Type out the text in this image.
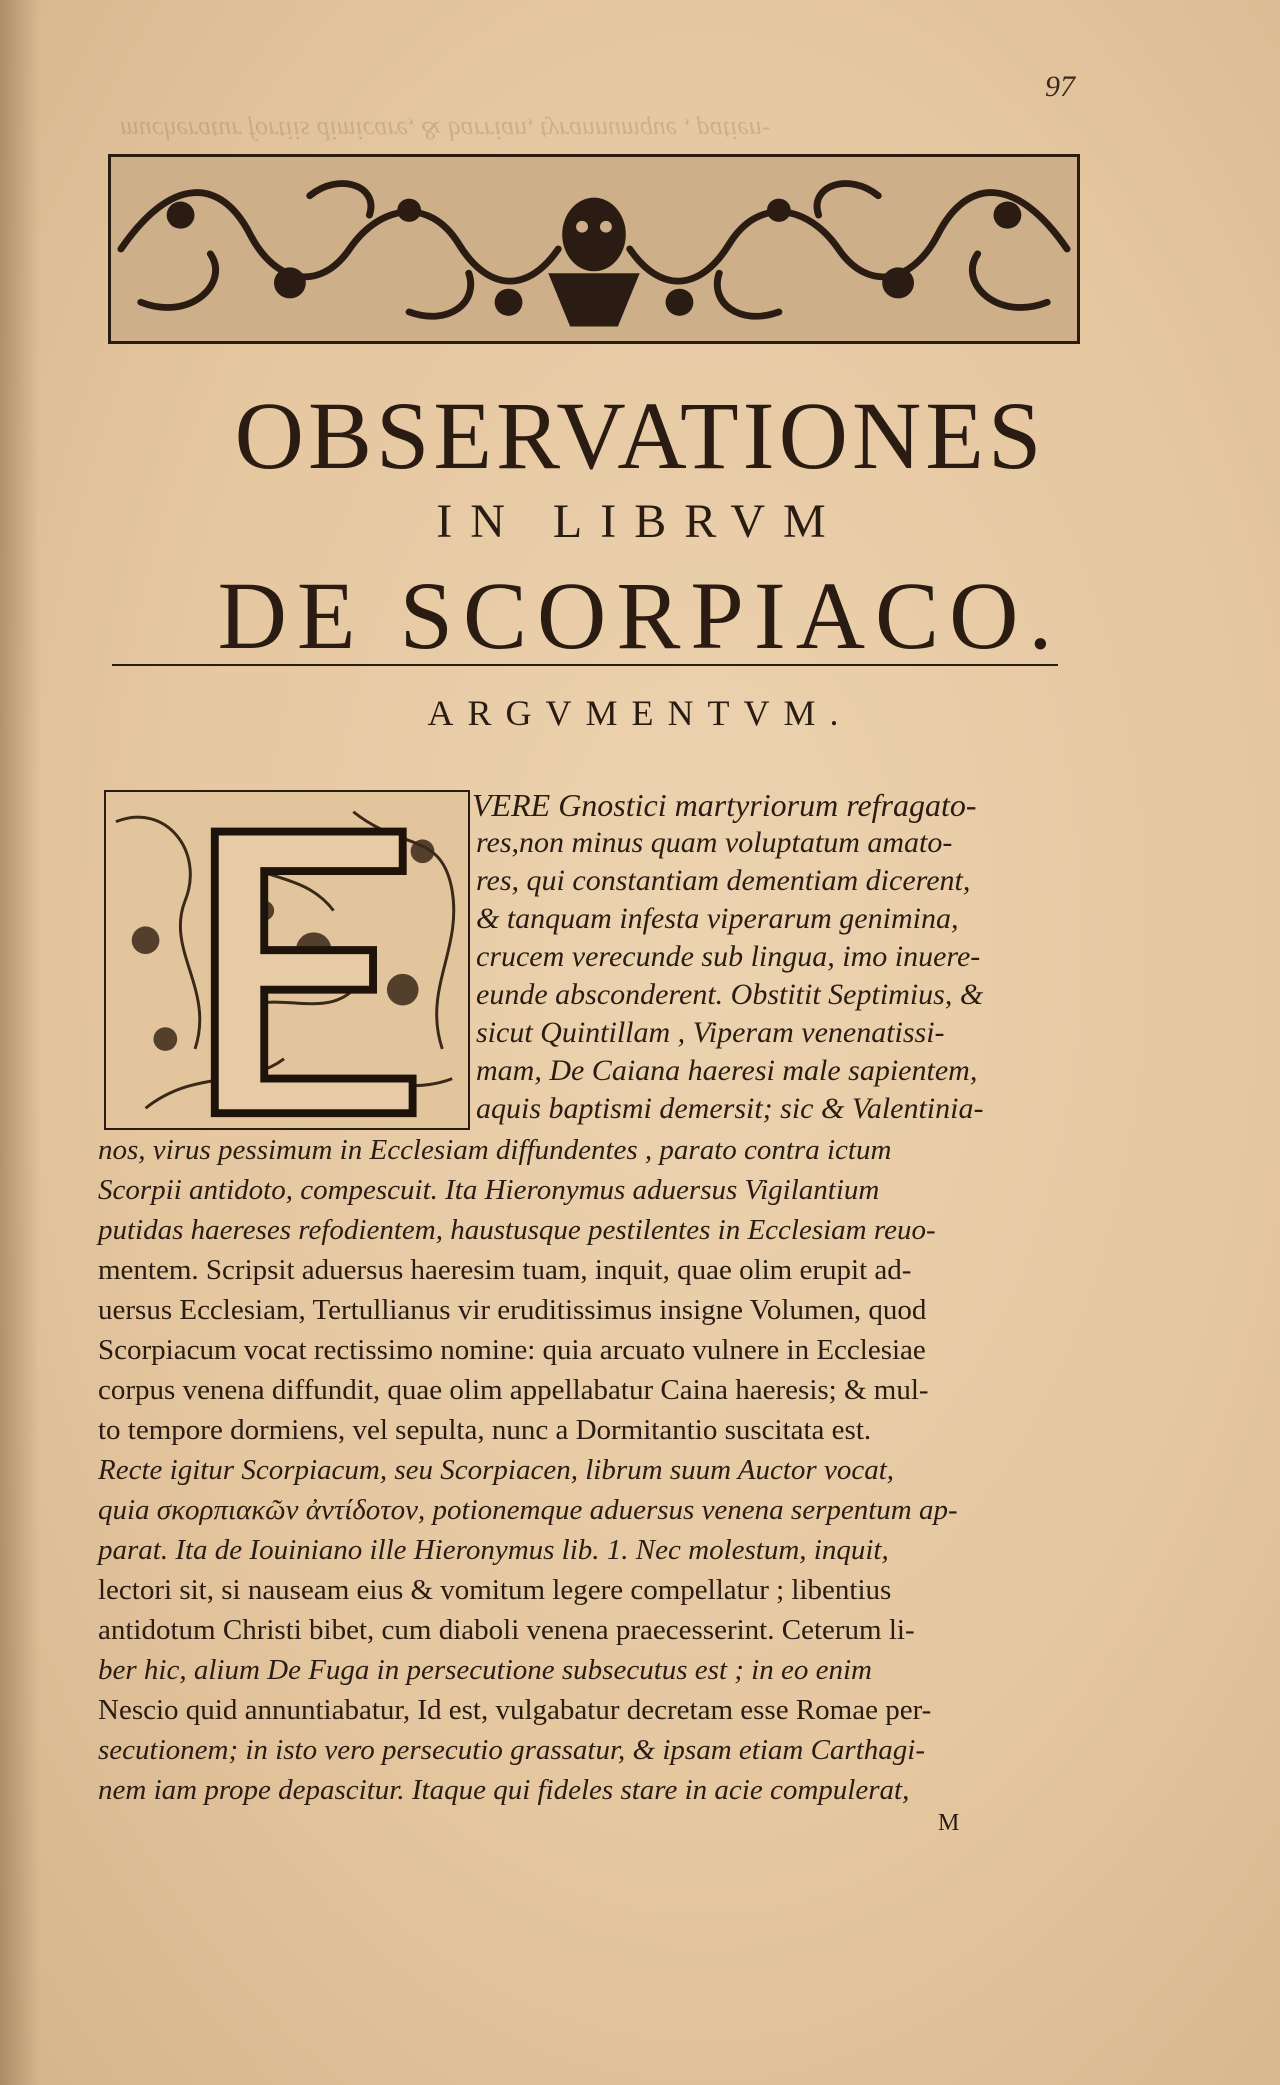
mucheratur fortiis dimicare, & barrian, tyrannumque , patien-
97
OBSERVATIONES
IN LIBRVM
DE SCORPIACO.
ARGVMENTVM.
VERE Gnostici martyriorum refragato-
res,non minus quam voluptatum amato-
res, qui constantiam dementiam dicerent,
& tanquam infesta viperarum genimina,
crucem verecunde sub lingua, imo inuere-
eunde absconderent. Obstitit Septimius, &
sicut Quintillam , Viperam venenatissi-
mam, De Caiana haeresi male sapientem,
aquis baptismi demersit; sic & Valentinia-
nos, virus pessimum in Ecclesiam diffundentes , parato contra ictum
Scorpii antidoto, compescuit. Ita Hieronymus aduersus Vigilantium
putidas haereses refodientem, haustusque pestilentes in Ecclesiam reuo-
mentem. Scripsit aduersus haeresim tuam, inquit, quae olim erupit ad-
uersus Ecclesiam, Tertullianus vir eruditissimus insigne Volumen, quod
Scorpiacum vocat rectissimo nomine: quia arcuato vulnere in Ecclesiae
corpus venena diffundit, quae olim appellabatur Caina haeresis; & mul-
to tempore dormiens, vel sepulta, nunc a Dormitantio suscitata est.
Recte igitur Scorpiacum, seu Scorpiacen, librum suum Auctor vocat,
quia σκορπιακῶν ἀντίδοτον, potionemque aduersus venena serpentum ap-
parat. Ita de Iouiniano ille Hieronymus lib. 1. Nec molestum, inquit,
lectori sit, si nauseam eius & vomitum legere compellatur ; libentius
antidotum Christi bibet, cum diaboli venena praecesserint. Ceterum li-
ber hic, alium De Fuga in persecutione subsecutus est ; in eo enim
Nescio quid annuntiabatur, Id est, vulgabatur decretam esse Romae per-
secutionem; in isto vero persecutio grassatur, & ipsam etiam Carthagi-
nem iam prope depascitur. Itaque qui fideles stare in acie compulerat,
M
